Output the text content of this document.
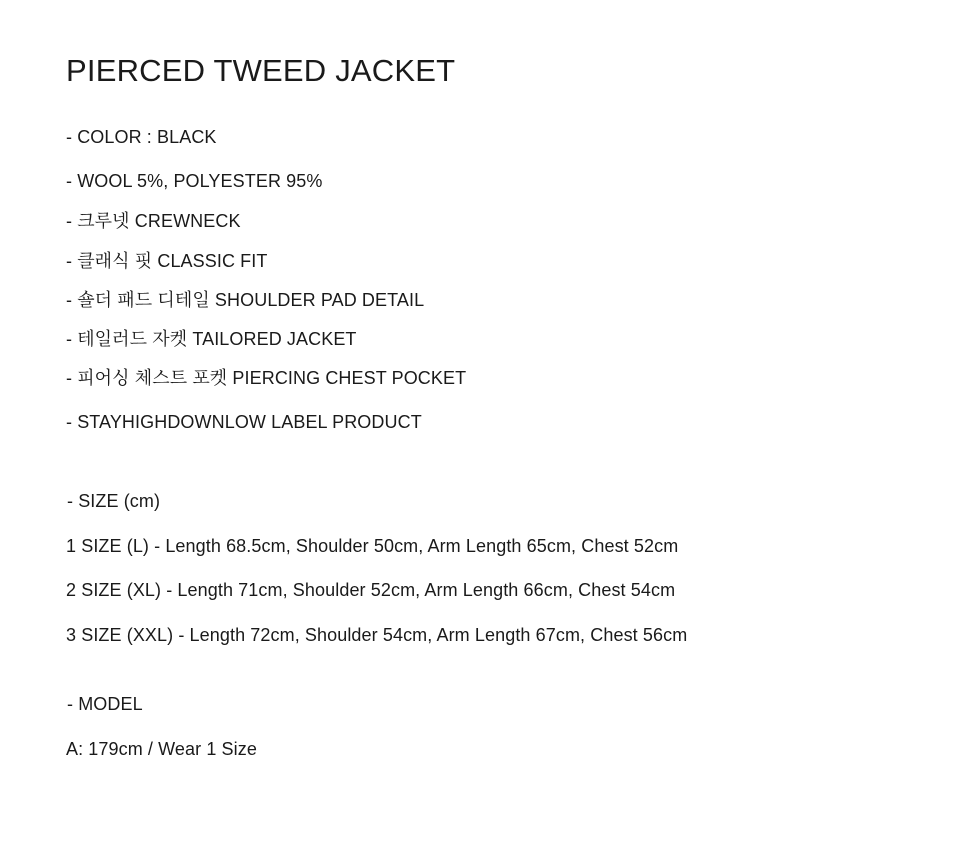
PIERCED TWEED JACKET
- COLOR : BLACK
- WOOL 5%, POLYESTER 95%
- 크루넷 CREWNECK
- 클래식 핏 CLASSIC FIT
- 숄더 패드 디테일 SHOULDER PAD DETAIL
- 테일러드 자켓 TAILORED JACKET
- 피어싱 체스트 포켓 PIERCING CHEST POCKET
- STAYHIGHDOWNLOW LABEL PRODUCT
- SIZE (cm)
1 SIZE (L) - Length 68.5cm, Shoulder 50cm, Arm Length 65cm, Chest 52cm
2 SIZE (XL) - Length 71cm, Shoulder 52cm, Arm Length 66cm, Chest 54cm
3 SIZE (XXL) - Length 72cm, Shoulder 54cm, Arm Length 67cm, Chest 56cm
- MODEL
A: 179cm / Wear 1 Size
